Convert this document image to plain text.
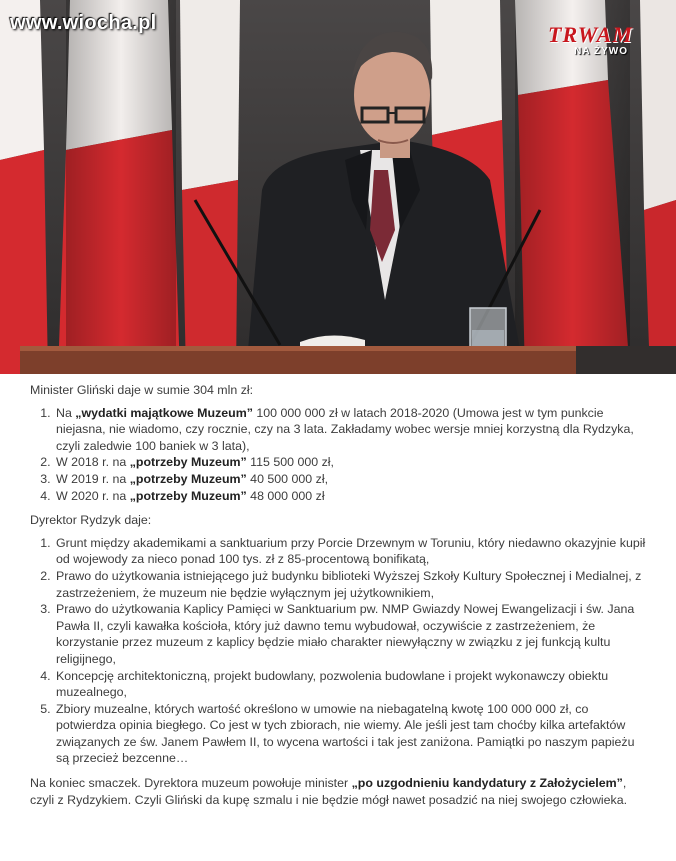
www.wiocha.pl	TRWAM
NA ŻYWO

Minister Gliński daje w sumie 304 mln zł:

1. Na „wydatki majątkowe Muzeum” 100 000 000 zł w latach 2018-2020 (Umowa jest w tym punkcie niejasna, nie wiadomo, czy rocznie, czy na 3 lata. Zakładamy wobec wersje mniej korzystną dla Rydzyka, czyli zaledwie 100 baniek w 3 lata),
2. W 2018 r. na „potrzeby Muzeum” 115 500 000 zł,
3. W 2019 r. na „potrzeby Muzeum” 40 500 000 zł,
4. W 2020 r. na „potrzeby Muzeum” 48 000 000 zł

Dyrektor Rydzyk daje:

1. Grunt między akademikami a sanktuarium przy Porcie Drzewnym w Toruniu, który niedawno okazyjnie kupił od wojewody za nieco ponad 100 tys. zł z 85-procentową bonifikatą,
2. Prawo do użytkowania istniejącego już budynku biblioteki Wyższej Szkoły Kultury Społecznej i Medialnej, z zastrzeżeniem, że muzeum nie będzie wyłącznym jej użytkownikiem,
3. Prawo do użytkowania Kaplicy Pamięci w Sanktuarium pw. NMP Gwiazdy Nowej Ewangelizacji i św. Jana Pawła II, czyli kawałka kościoła, który już dawno temu wybudował, oczywiście z zastrzeżeniem, że korzystanie przez muzeum z kaplicy będzie miało charakter niewyłączny w związku z jej funkcją kultu religijnego,
4. Koncepcję architektoniczną, projekt budowlany, pozwolenia budowlane i projekt wykonawczy obiektu muzealnego,
5. Zbiory muzealne, których wartość określono w umowie na niebagatelną kwotę 100 000 000 zł, co potwierdza opinia biegłego. Co jest w tych zbiorach, nie wiemy. Ale jeśli jest tam choćby kilka artefaktów związanych ze św. Janem Pawłem II, to wycena wartości i tak jest zaniżona. Pamiątki po naszym papieżu są przecież bezcenne…

Na koniec smaczek. Dyrektora muzeum powołuje minister „po uzgodnieniu kandydatury z Założycielem”, czyli z Rydzykiem. Czyli Gliński da kupę szmalu i nie będzie mógł nawet posadzić na niej swojego człowieka.
